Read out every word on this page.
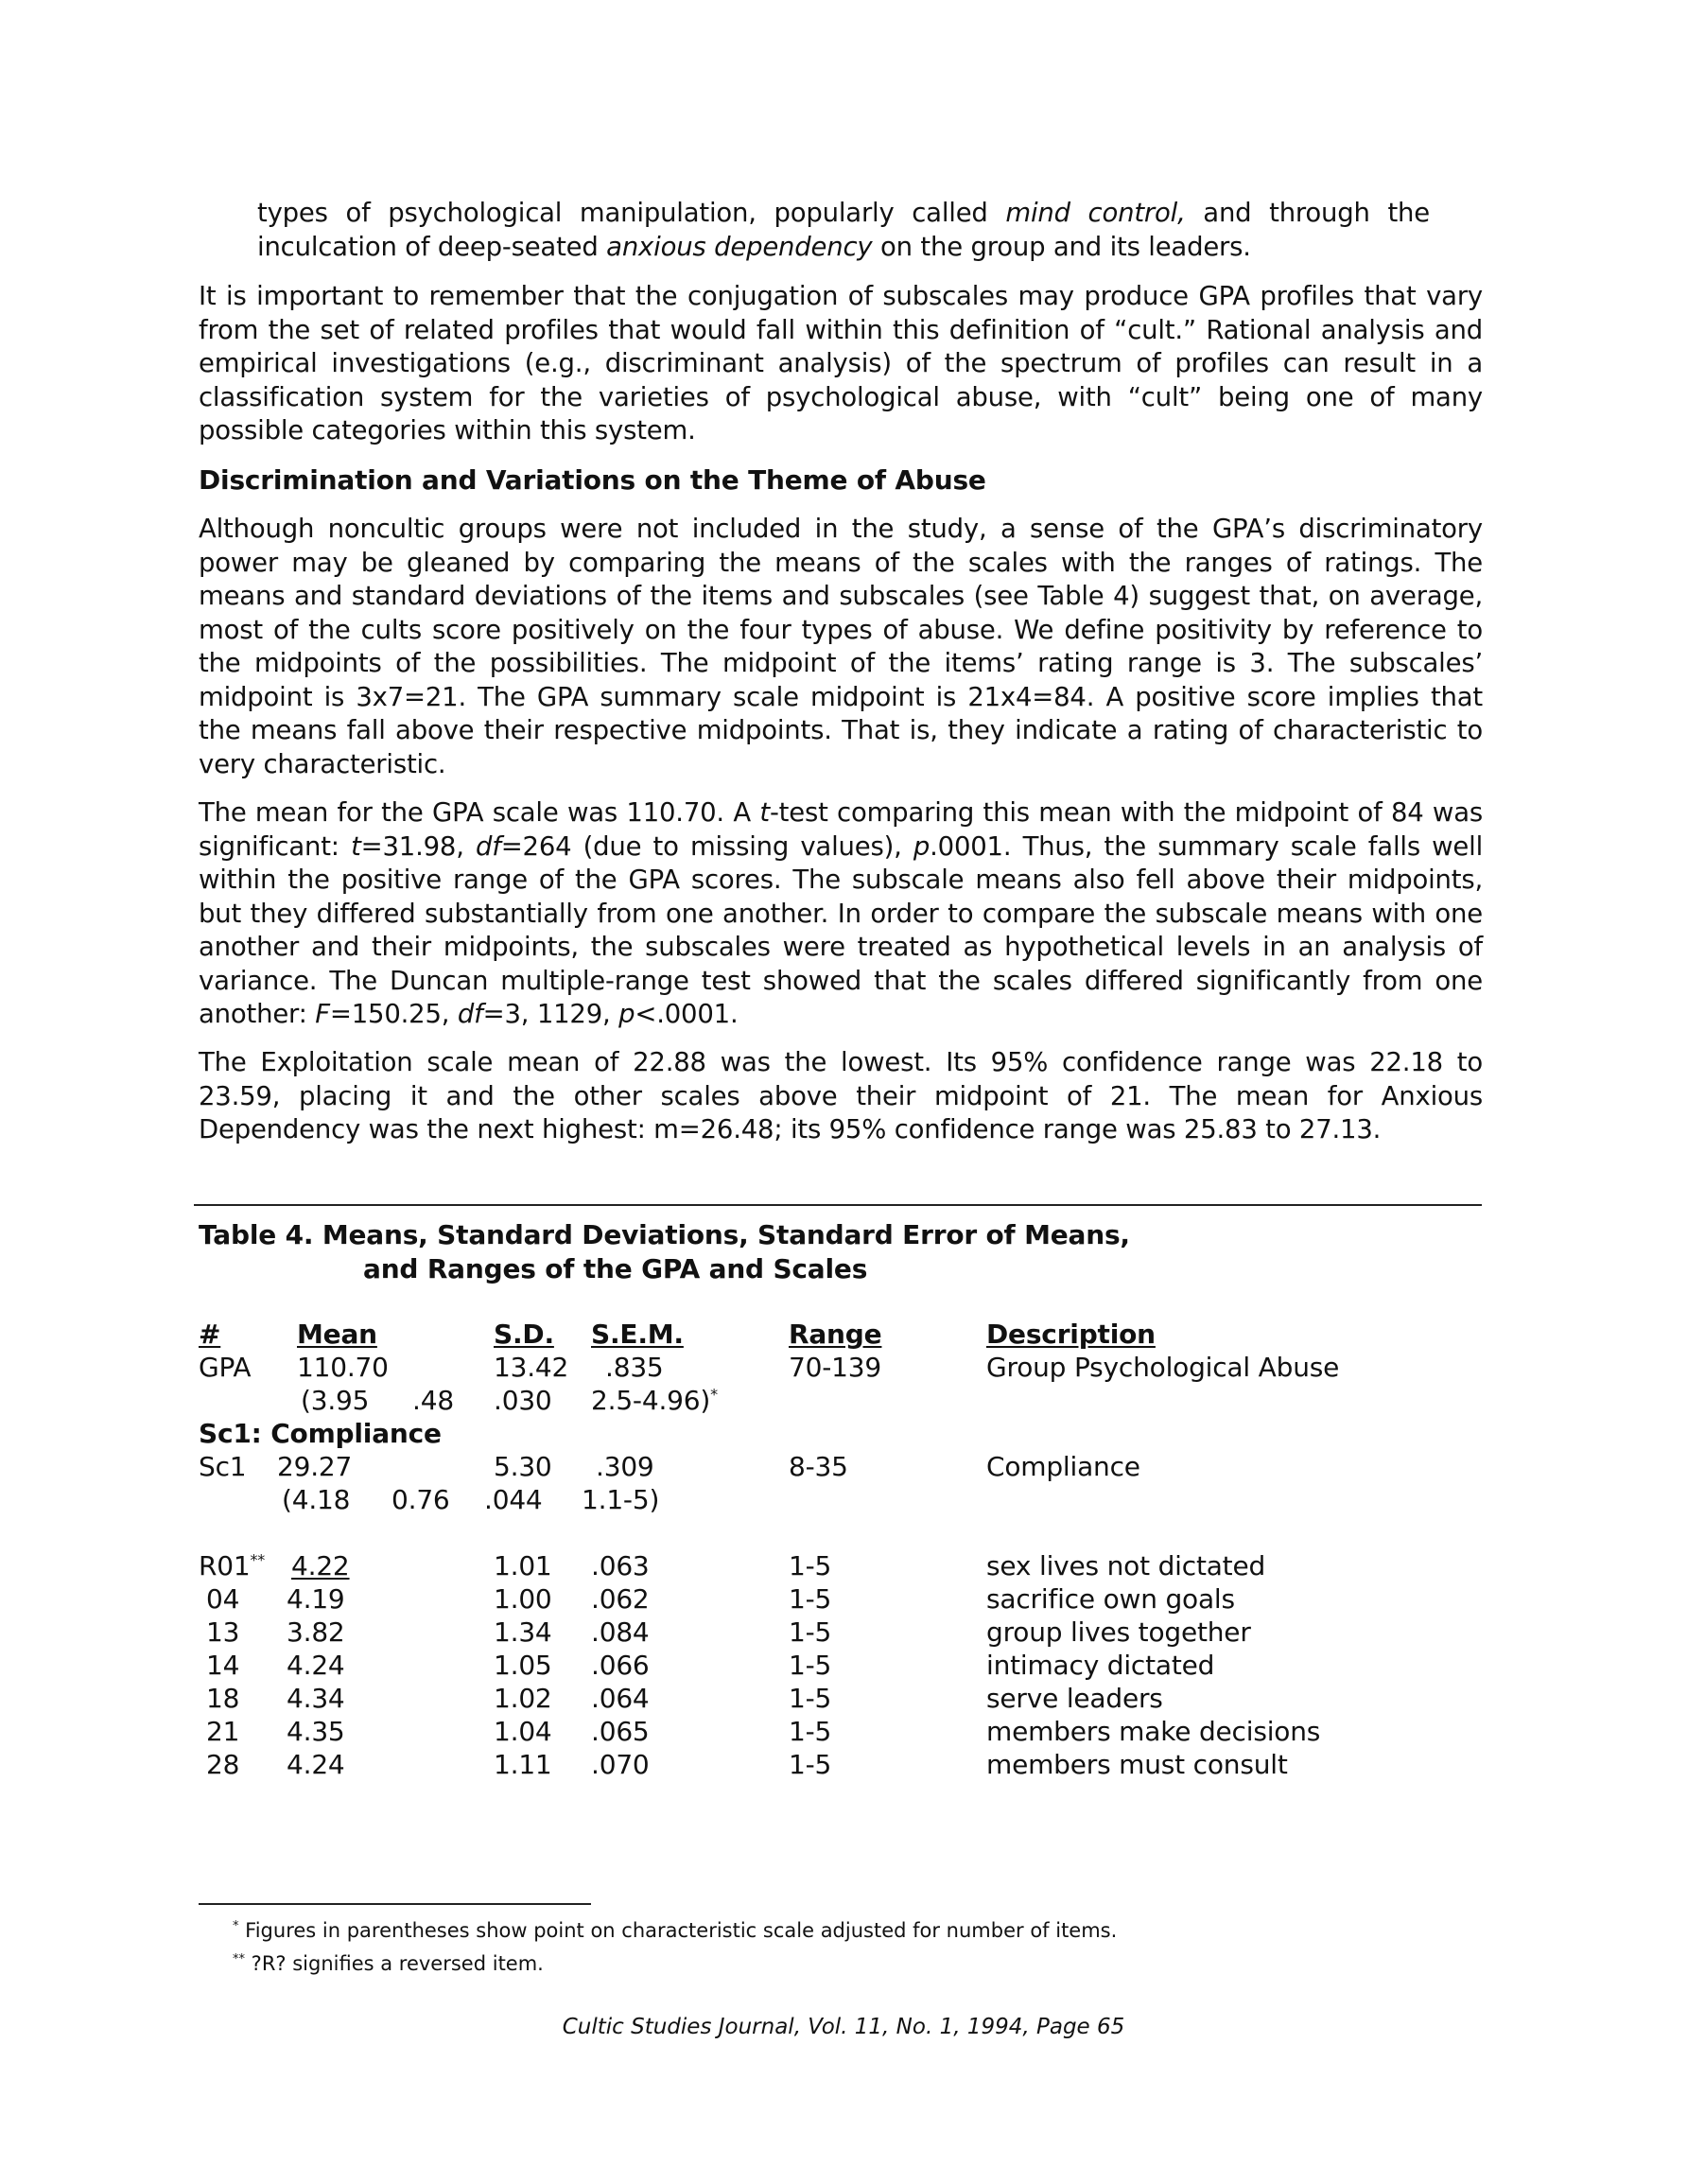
types of psychological manipulation, popularly called mind control, and through the inculcation of deep-seated anxious dependency on the group and its leaders.
It is important to remember that the conjugation of subscales may produce GPA profiles that vary from the set of related profiles that would fall within this definition of “cult.” Rational analysis and empirical investigations (e.g., discriminant analysis) of the spectrum of profiles can result in a classification system for the varieties of psychological abuse, with “cult” being one of many possible categories within this system.
Discrimination and Variations on the Theme of Abuse
Although noncultic groups were not included in the study, a sense of the GPA’s discriminatory power may be gleaned by comparing the means of the scales with the ranges of ratings. The means and standard deviations of the items and subscales (see Table 4) suggest that, on average, most of the cults score positively on the four types of abuse. We define positivity by reference to the midpoints of the possibilities. The midpoint of the items’ rating range is 3. The subscales’ midpoint is 3x7=21. The GPA summary scale midpoint is 21x4=84. A positive score implies that the means fall above their respective midpoints. That is, they indicate a rating of characteristic to very characteristic.
The mean for the GPA scale was 110.70. A t-test comparing this mean with the midpoint of 84 was significant: t=31.98, df=264 (due to missing values), p.0001. Thus, the summary scale falls well within the positive range of the GPA scores. The subscale means also fell above their midpoints, but they differed substantially from one another. In order to compare the subscale means with one another and their midpoints, the subscales were treated as hypothetical levels in an analysis of variance. The Duncan multiple-range test showed that the scales differed significantly from one another: F=150.25, df=3, 1129, p<.0001.
The Exploitation scale mean of 22.88 was the lowest. Its 95% confidence range was 22.18 to 23.59, placing it and the other scales above their midpoint of 21. The mean for Anxious Dependency was the next highest: m=26.48; its 95% confidence range was 25.83 to 27.13.
Table 4. Means, Standard Deviations, Standard Error of Means,
and Ranges of the GPA and Scales
#	Mean	S.D. S.E.M.	Range	Description
GPA 110.70	13.42 .835	70-139	Group Psychological Abuse
(3.95 .48 .030 2.5-4.96)*
Sc1: Compliance
Sc1 29.27	5.30 .309	8-35	Compliance
(4.18 0.76 .044 1.1-5)
R01** 4.22	1.01 .063	1-5	sex lives not dictated
04 4.19	1.00 .062	1-5	sacrifice own goals
13 3.82	1.34 .084	1-5	group lives together
14 4.24	1.05 .066	1-5	intimacy dictated
18 4.34	1.02 .064	1-5	serve leaders
21 4.35	1.04 .065	1-5	members make decisions
28 4.24	1.11 .070	1-5	members must consult
* Figures in parentheses show point on characteristic scale adjusted for number of items.
** ?R? signifies a reversed item.
Cultic Studies Journal, Vol. 11, No. 1, 1994, Page 65
